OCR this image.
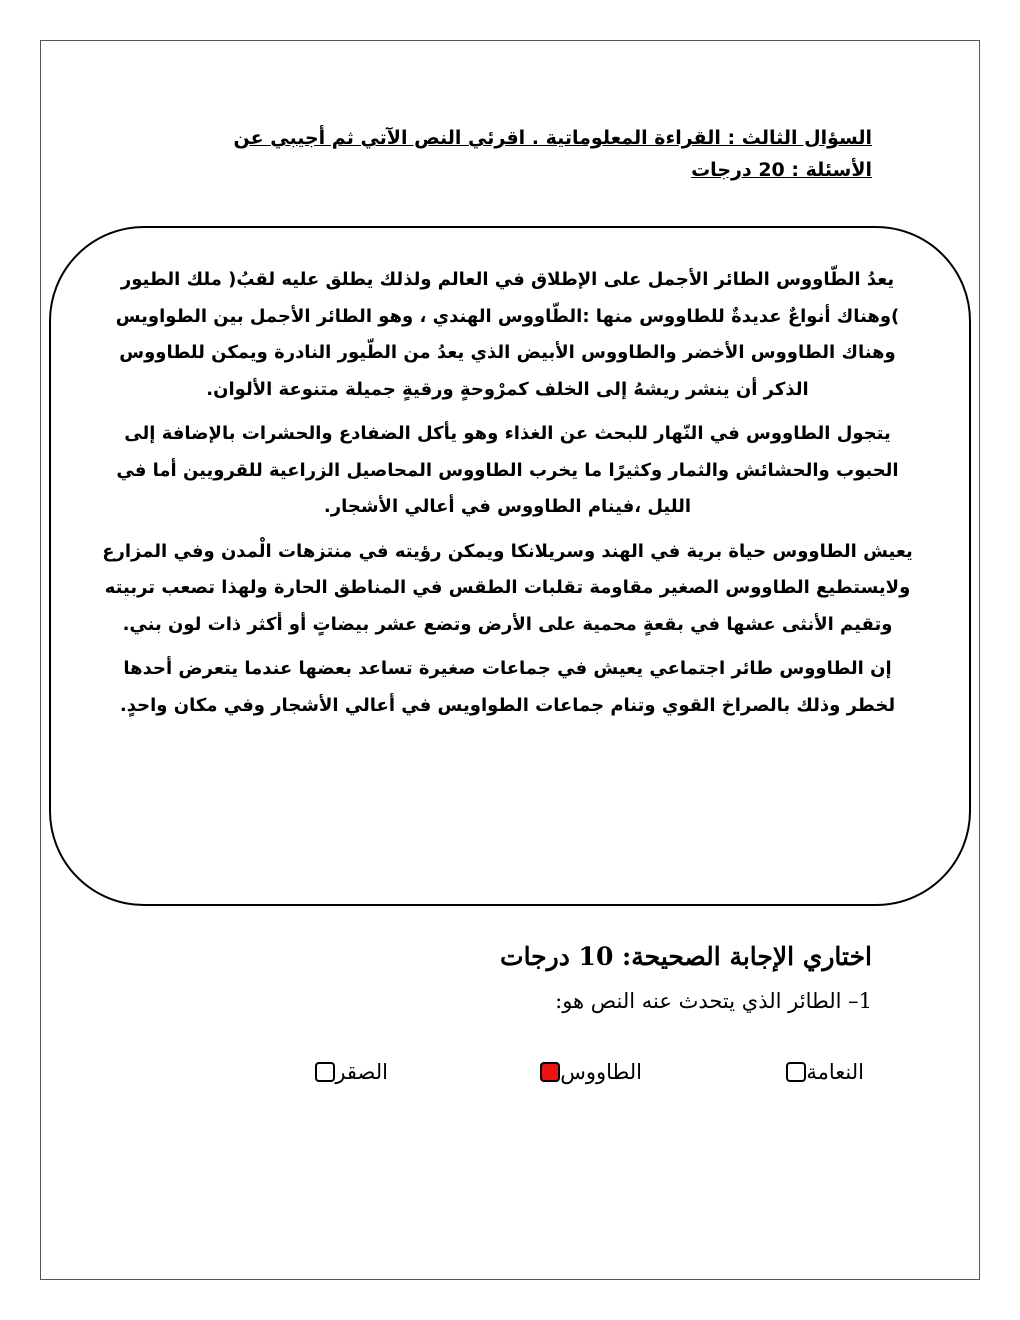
السؤال الثالث : القراءة المعلوماتية . اقرئي النص الآتي ثم أجيبي عن
الأسئلة : 20 درجات

يعدُ الطّاووس الطائر الأجمل على الإطلاق في العالم ولذلك يطلق عليه لقبُ( ملك الطيور )وهناك أنواعٌ عديدةٌ للطاووس منها :الطّاووس الهندي ، وهو الطائر الأجمل بين الطواويس وهناك الطاووس الأخضر والطاووس الأبيض الذي يعدُ من الطّيور النادرة ويمكن للطاووس الذكر أن ينشر ريشهُ إلى الخلف كمرْوحةٍ ورقيةٍ جميلة متنوعة الألوان.

يتجول الطاووس في النّهار للبحث عن الغذاء وهو يأكل الضفادع والحشرات بالإضافة إلى الحبوب والحشائش والثمار وكثيرًا ما يخرب الطاووس المحاصيل الزراعية للقرويين أما في الليل ،فينام الطاووس في أعالي الأشجار.

يعيش الطاووس حياة برية في الهند وسريلانكا ويمكن رؤيته في منتزهات الْمدن وفي المزارع ولايستطيع الطاووس الصغير مقاومة تقلبات الطقس في المناطق الحارة ولهذا تصعب تربيته وتقيم الأنثى عشها في بقعةٍ محمية على الأرض وتضع عشر بيضاتٍ أو أكثر ذات لون بني.

إن الطاووس طائر اجتماعي يعيش في جماعات صغيرة تساعد بعضها عندما يتعرض أحدها لخطر وذلك بالصراخ القوي وتنام جماعات الطواويس في أعالي الأشجار وفي مكان واحدٍ.

اختاري الإجابة الصحيحة: 10 درجات
1– الطائر الذي يتحدث عنه النص هو:
النعامة
الطاووس
الصقر
